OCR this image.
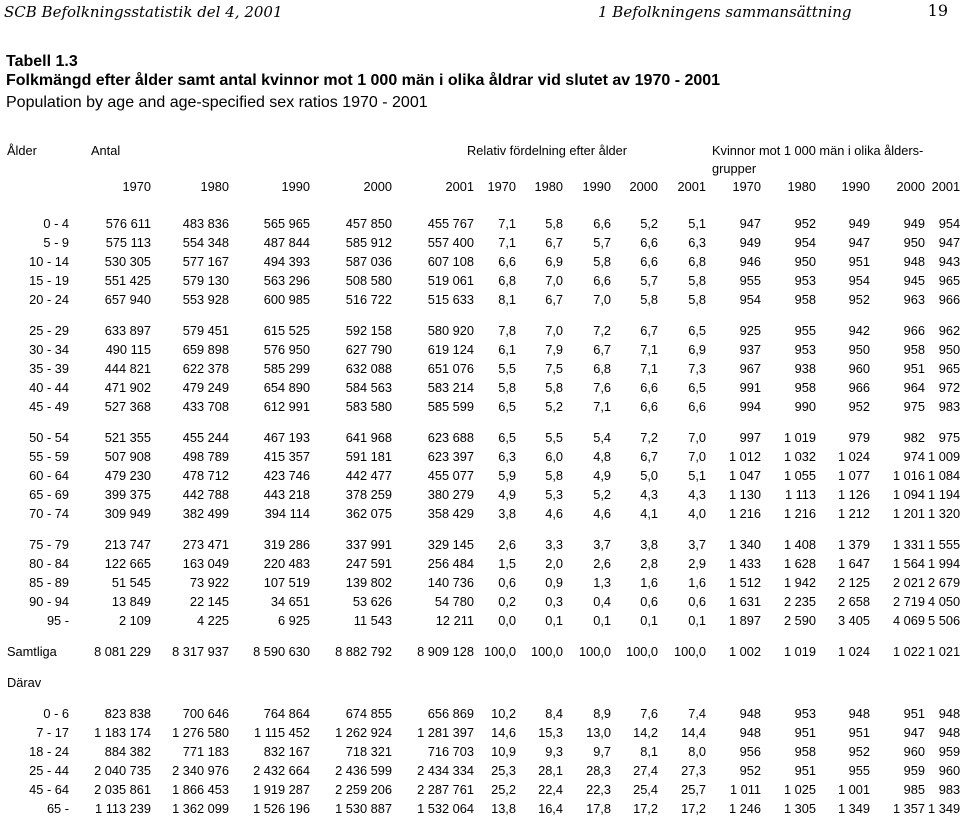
SCB Befolkningsstatistik del 4, 2001	1 Befolkningens sammansättning	19
Tabell 1.3
Folkmängd efter ålder samt antal kvinnor mot 1 000 män i olika åldrar vid slutet av 1970 - 2001
Population by age and age-specified sex ratios 1970 - 2001
Ålder	Antal					Relativ fördelning efter ålder					Kvinnor mot 1 000 män i olika ålders-					
											grupper					
	1970	1980	1990	2000	2001	1970	1980	1990	2000	2001	1970	1980	1990	2000	2001	

0 - 4	576 611	483 836	565 965	457 850	455 767	7,1	5,8	6,6	5,2	5,1	947	952	949	949	954	
5 - 9	575 113	554 348	487 844	585 912	557 400	7,1	6,7	5,7	6,6	6,3	949	954	947	950	947	
10 - 14	530 305	577 167	494 393	587 036	607 108	6,6	6,9	5,8	6,6	6,8	946	950	951	948	943	
15 - 19	551 425	579 130	563 296	508 580	519 061	6,8	7,0	6,6	5,7	5,8	955	953	954	945	965	
20 - 24	657 940	553 928	600 985	516 722	515 633	8,1	6,7	7,0	5,8	5,8	954	958	952	963	966	

25 - 29	633 897	579 451	615 525	592 158	580 920	7,8	7,0	7,2	6,7	6,5	925	955	942	966	962	
30 - 34	490 115	659 898	576 950	627 790	619 124	6,1	7,9	6,7	7,1	6,9	937	953	950	958	950	
35 - 39	444 821	622 378	585 299	632 088	651 076	5,5	7,5	6,8	7,1	7,3	967	938	960	951	965	
40 - 44	471 902	479 249	654 890	584 563	583 214	5,8	5,8	7,6	6,6	6,5	991	958	966	964	972	
45 - 49	527 368	433 708	612 991	583 580	585 599	6,5	5,2	7,1	6,6	6,6	994	990	952	975	983	

50 - 54	521 355	455 244	467 193	641 968	623 688	6,5	5,5	5,4	7,2	7,0	997	1 019	979	982	975	
55 - 59	507 908	498 789	415 357	591 181	623 397	6,3	6,0	4,8	6,7	7,0	1 012	1 032	1 024	974	1 009	
60 - 64	479 230	478 712	423 746	442 477	455 077	5,9	5,8	4,9	5,0	5,1	1 047	1 055	1 077	1 016	1 084	
65 - 69	399 375	442 788	443 218	378 259	380 279	4,9	5,3	5,2	4,3	4,3	1 130	1 113	1 126	1 094	1 194	
70 - 74	309 949	382 499	394 114	362 075	358 429	3,8	4,6	4,6	4,1	4,0	1 216	1 216	1 212	1 201	1 320	

75 - 79	213 747	273 471	319 286	337 991	329 145	2,6	3,3	3,7	3,8	3,7	1 340	1 408	1 379	1 331	1 555	
80 - 84	122 665	163 049	220 483	247 591	256 484	1,5	2,0	2,6	2,8	2,9	1 433	1 628	1 647	1 564	1 994	
85 - 89	51 545	73 922	107 519	139 802	140 736	0,6	0,9	1,3	1,6	1,6	1 512	1 942	2 125	2 021	2 679	
90 - 94	13 849	22 145	34 651	53 626	54 780	0,2	0,3	0,4	0,6	0,6	1 631	2 235	2 658	2 719	4 050	
95 -	2 109	4 225	6 925	11 543	12 211	0,0	0,1	0,1	0,1	0,1	1 897	2 590	3 405	4 069	5 506	

Samtliga	8 081 229	8 317 937	8 590 630	8 882 792	8 909 128	100,0	100,0	100,0	100,0	100,0	1 002	1 019	1 024	1 022	1 021	

Därav																

0 - 6	823 838	700 646	764 864	674 855	656 869	10,2	8,4	8,9	7,6	7,4	948	953	948	951	948	
7 - 17	1 183 174	1 276 580	1 115 452	1 262 924	1 281 397	14,6	15,3	13,0	14,2	14,4	948	951	951	947	948	
18 - 24	884 382	771 183	832 167	718 321	716 703	10,9	9,3	9,7	8,1	8,0	956	958	952	960	959	
25 - 44	2 040 735	2 340 976	2 432 664	2 436 599	2 434 334	25,3	28,1	28,3	27,4	27,3	952	951	955	959	960	
45 - 64	2 035 861	1 866 453	1 919 287	2 259 206	2 287 761	25,2	22,4	22,3	25,4	25,7	1 011	1 025	1 001	985	983	
65 -	1 113 239	1 362 099	1 526 196	1 530 887	1 532 064	13,8	16,4	17,8	17,2	17,2	1 246	1 305	1 349	1 357	1 349	
